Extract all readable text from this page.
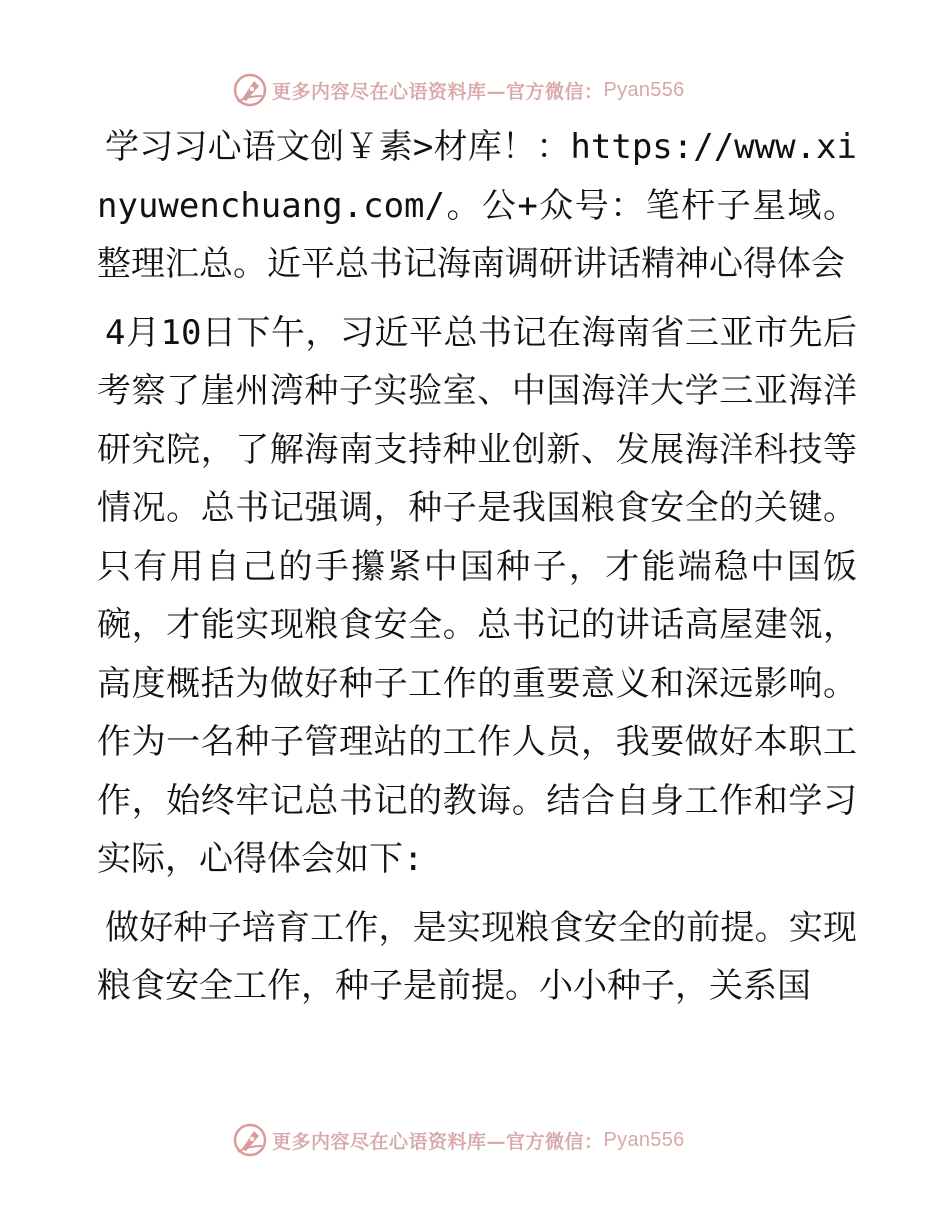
更多内容尽在心语资料库—官方微信： Pyan556

学习习心语文创￥素>材库！：https://www.xinyuwenchuang.com/。公+众号：笔杆子星域。整理汇总。近平总书记海南调研讲话精神心得体会

4月10日下午，习近平总书记在海南省三亚市先后考察了崖州湾种子实验室、中国海洋大学三亚海洋研究院，了解海南支持种业创新、发展海洋科技等情况。总书记强调，种子是我国粮食安全的关键。只有用自己的手攥紧中国种子，才能端稳中国饭碗，才能实现粮食安全。总书记的讲话高屋建瓴，高度概括为做好种子工作的重要意义和深远影响。作为一名种子管理站的工作人员，我要做好本职工作，始终牢记总书记的教诲。结合自身工作和学习实际，心得体会如下:

做好种子培育工作，是实现粮食安全的前提。实现粮食安全工作，种子是前提。小小种子，关系国

更多内容尽在心语资料库—官方微信： Pyan556
